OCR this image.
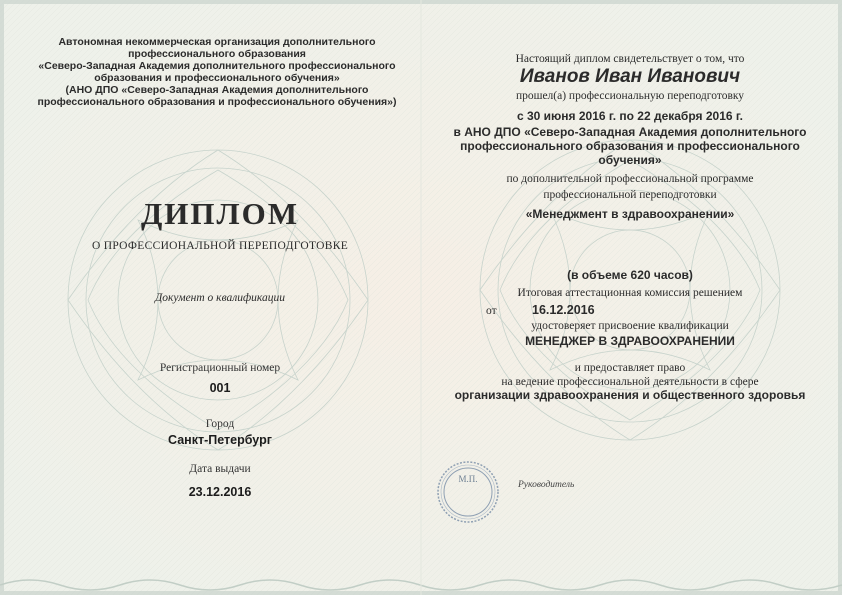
Автономная некоммерческая организация дополнительного
профессионального образования
«Северо-Западная Академия дополнительного профессионального
образования и профессионального обучения»
(АНО ДПО «Северо-Западная Академия дополнительного
профессионального образования и профессионального обучения»)
ДИПЛОМ
О ПРОФЕССИОНАЛЬНОЙ ПЕРЕПОДГОТОВКЕ
Документ о квалификации
Регистрационный номер
001
Город
Санкт-Петербург
Дата выдачи
23.12.2016
Настоящий диплом свидетельствует о том, что
Иванов Иван Иванович
прошел(а) профессиональную переподготовку
с 30 июня 2016 г. по 22 декабря 2016 г.
в АНО ДПО «Северо-Западная Академия дополнительного
профессионального образования и профессионального
обучения»
по дополнительной профессиональной программе
профессиональной переподготовки
«Менеджмент в здравоохранении»
(в объеме 620 часов)
Итоговая аттестационная комиссия решением
от	16.12.2016
удостоверяет присвоение квалификации
МЕНЕДЖЕР В ЗДРАВООХРАНЕНИИ
и предоставляет право
на ведение профессиональной деятельности в сфере
организации здравоохранения и общественного здоровья
М.П.
Руководитель
